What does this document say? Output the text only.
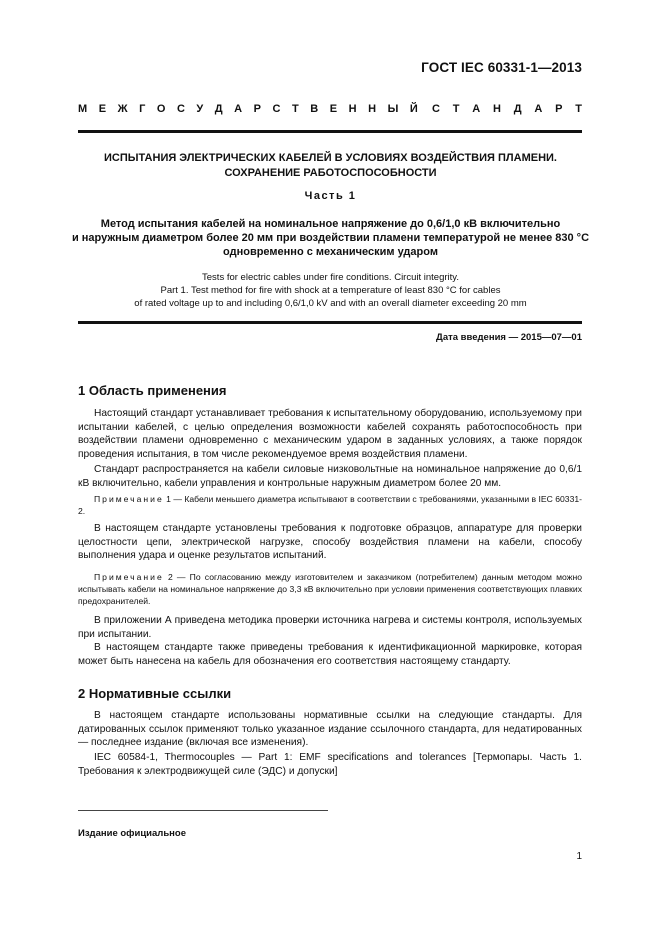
ГОСТ IEC 60331-1—2013
М Е Ж Г О С У Д А Р С Т В Е Н Н Ы Й С Т А Н Д А Р Т
ИСПЫТАНИЯ ЭЛЕКТРИЧЕСКИХ КАБЕЛЕЙ В УСЛОВИЯХ ВОЗДЕЙСТВИЯ ПЛАМЕНИ.
СОХРАНЕНИЕ РАБОТОСПОСОБНОСТИ
Часть 1
Метод испытания кабелей на номинальное напряжение до 0,6/1,0 кВ включительно
и наружным диаметром более 20 мм при воздействии пламени температурой не менее 830 °С
одновременно с механическим ударом
Tests for electric cables under fire conditions. Circuit integrity.
Part 1. Test method for fire with shock at a temperature of least 830 °C for cables
of rated voltage up to and including 0,6/1,0 kV and with an overall diameter exceeding 20 mm
Дата введения — 2015—07—01
1 Область применения
Настоящий стандарт устанавливает требования к испытательному оборудованию, используемому при испытании кабелей, с целью определения возможности кабелей сохранять работоспособность при воздействии пламени одновременно с механическим ударом в заданных условиях, а также порядок проведения испытания, в том числе рекомендуемое время воздействия пламени.
Стандарт распространяется на кабели силовые низковольтные на номинальное напряжение до 0,6/1 кВ включительно, кабели управления и контрольные наружным диаметром более 20 мм.
Примечание 1 — Кабели меньшего диаметра испытывают в соответствии с требованиями, указанными в IEC 60331-2.
В настоящем стандарте установлены требования к подготовке образцов, аппаратуре для проверки целостности цепи, электрической нагрузке, способу воздействия пламени на кабели, способу выполнения удара и оценке результатов испытаний.
Примечание 2 — По согласованию между изготовителем и заказчиком (потребителем) данным методом можно испытывать кабели на номинальное напряжение до 3,3 кВ включительно при условии применения соответствующих плавких предохранителей.
В приложении А приведена методика проверки источника нагрева и системы контроля, используемых при испытании.
В настоящем стандарте также приведены требования к идентификационной маркировке, которая может быть нанесена на кабель для обозначения его соответствия настоящему стандарту.
2 Нормативные ссылки
В настоящем стандарте использованы нормативные ссылки на следующие стандарты. Для датированных ссылок применяют только указанное издание ссылочного стандарта, для недатированных — последнее издание (включая все изменения).
IEC 60584-1, Thermocouples — Part 1: EMF specifications and tolerances [Термопары. Часть 1. Требования к электродвижущей силе (ЭДС) и допуски]
Издание официальное
1
